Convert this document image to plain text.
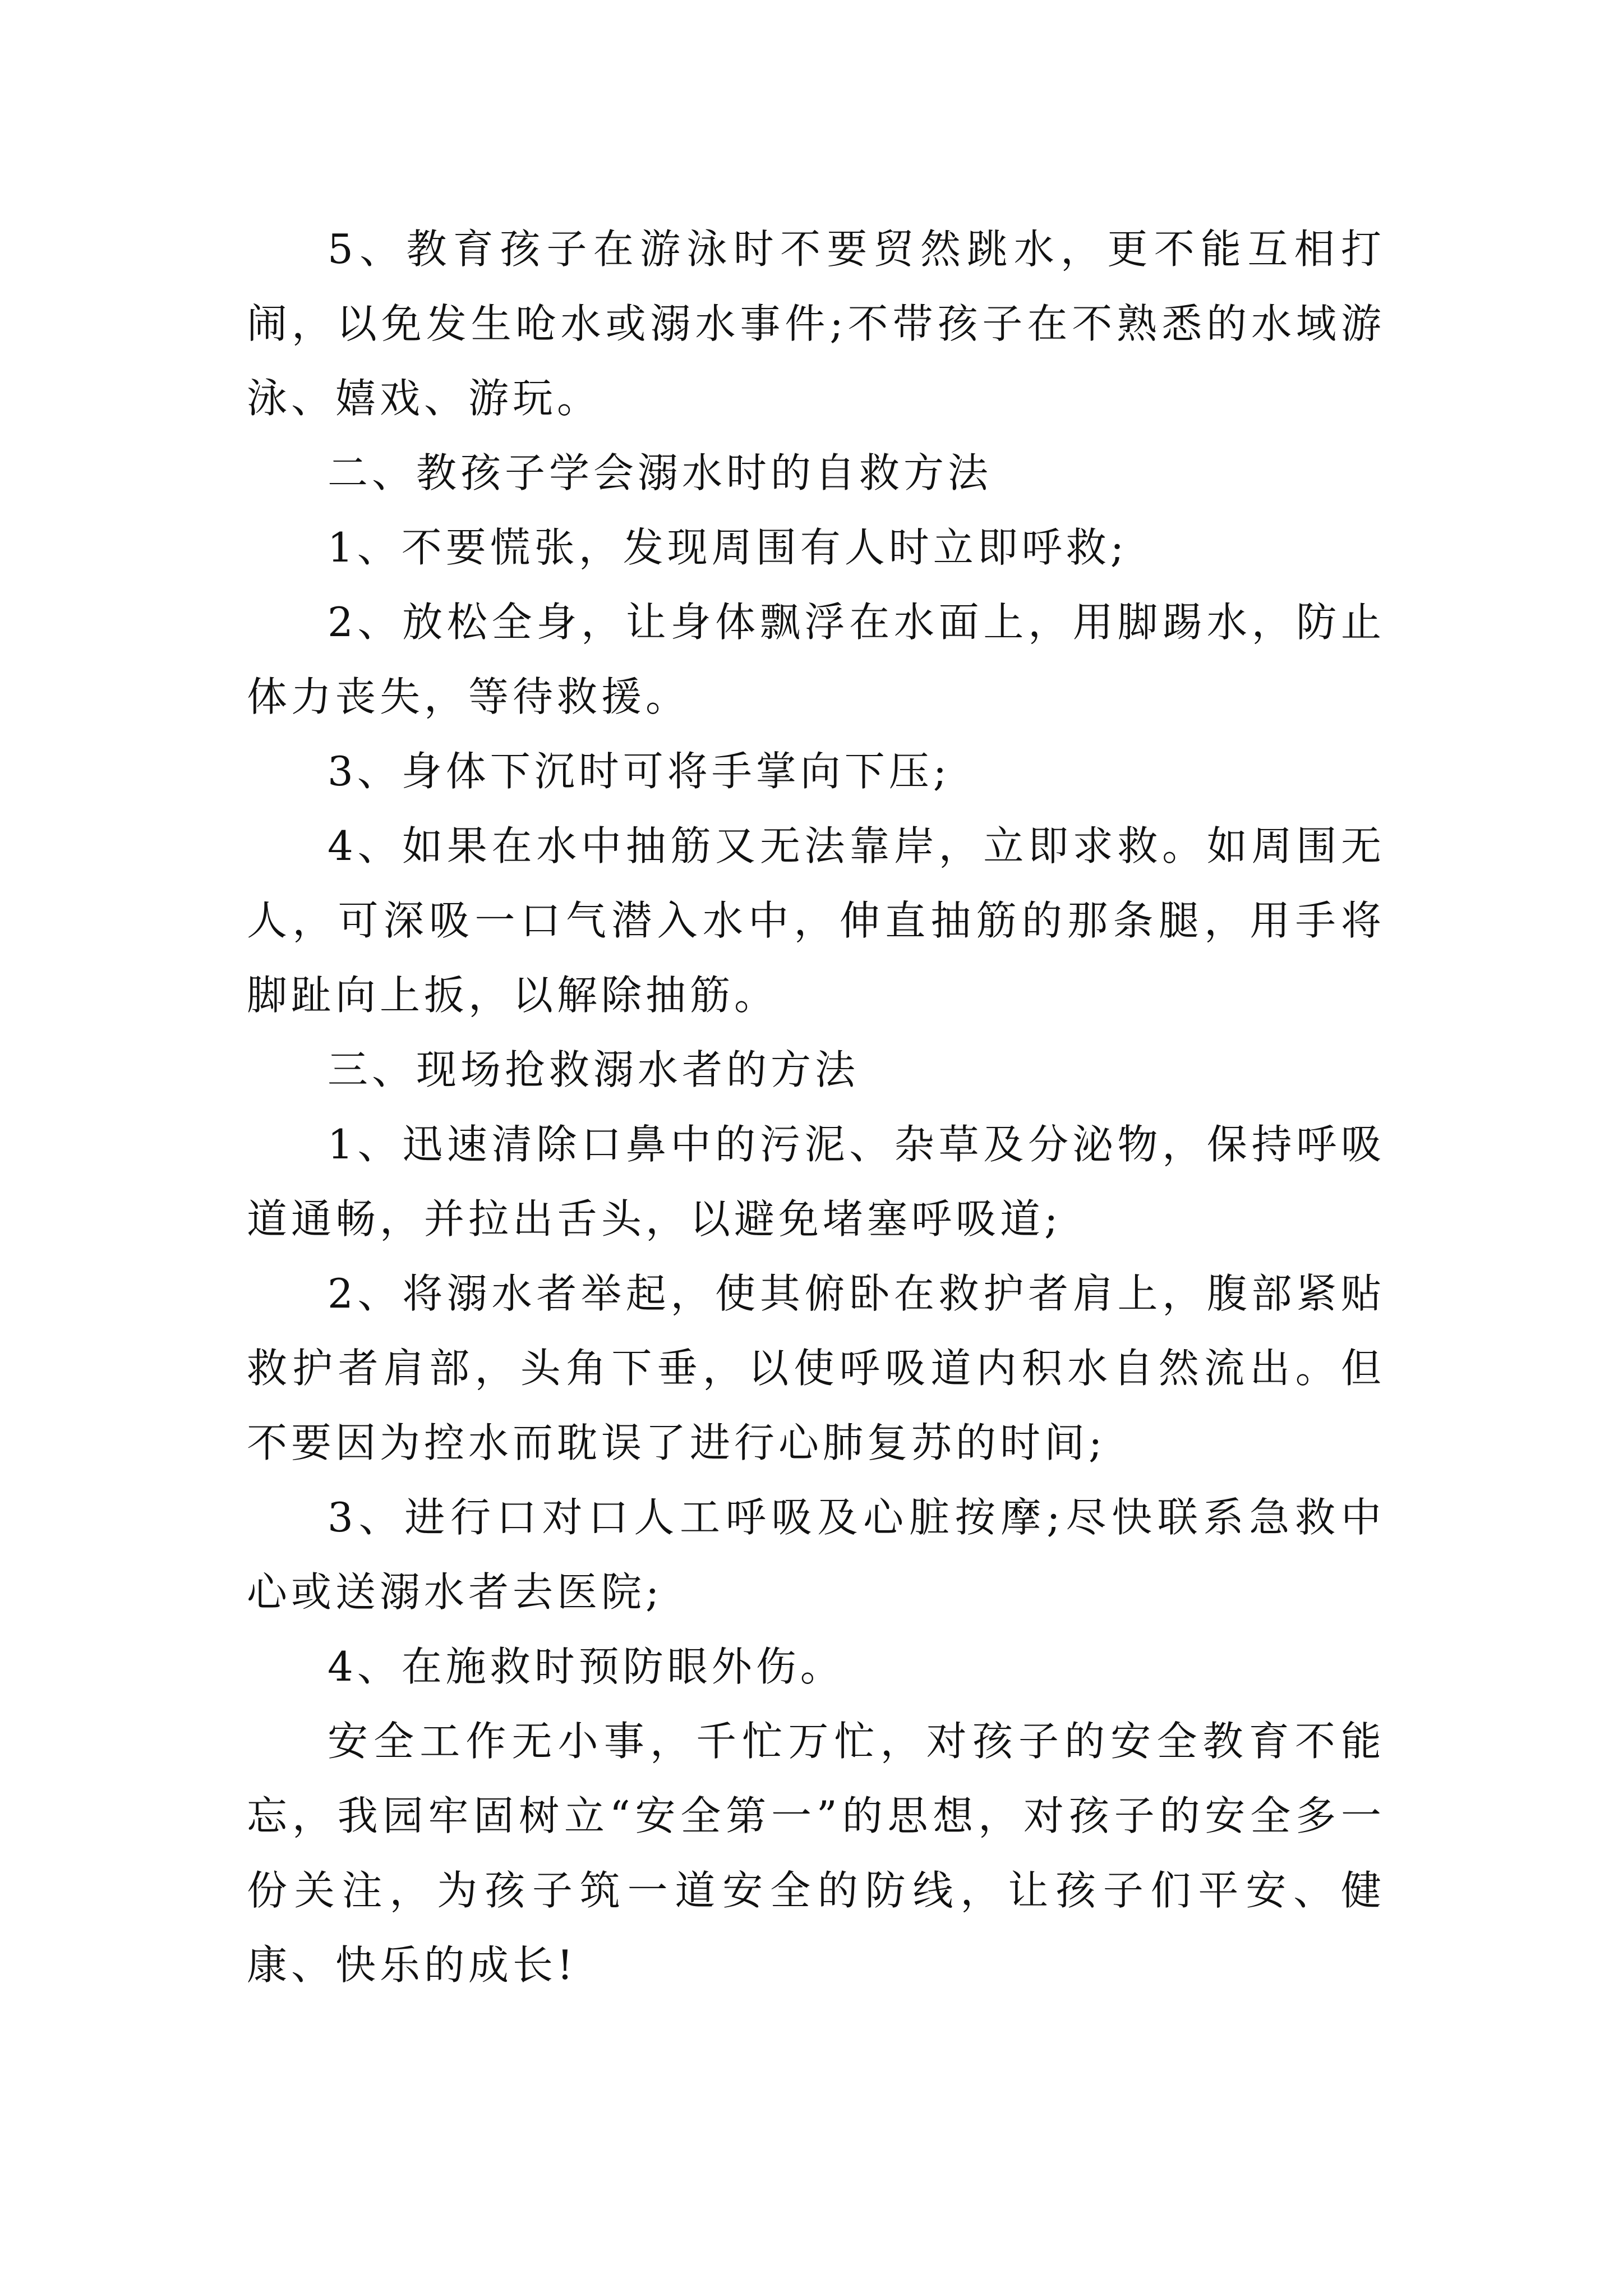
5、教育孩子在游泳时不要贸然跳水，更不能互相打闹，以免发生呛水或溺水事件;不带孩子在不熟悉的水域游泳、嬉戏、游玩。

二、教孩子学会溺水时的自救方法

1、不要慌张，发现周围有人时立即呼救;

2、放松全身，让身体飘浮在水面上，用脚踢水，防止体力丧失，等待救援。

3、身体下沉时可将手掌向下压;

4、如果在水中抽筋又无法靠岸，立即求救。如周围无人，可深吸一口气潜入水中，伸直抽筋的那条腿，用手将脚趾向上扳，以解除抽筋。

三、现场抢救溺水者的方法

1、迅速清除口鼻中的污泥、杂草及分泌物，保持呼吸道通畅，并拉出舌头，以避免堵塞呼吸道;

2、将溺水者举起，使其俯卧在救护者肩上，腹部紧贴救护者肩部，头角下垂，以使呼吸道内积水自然流出。但不要因为控水而耽误了进行心肺复苏的时间;

3、进行口对口人工呼吸及心脏按摩;尽快联系急救中心或送溺水者去医院;

4、在施救时预防眼外伤。

安全工作无小事，千忙万忙，对孩子的安全教育不能忘，我园牢固树立“安全第一”的思想，对孩子的安全多一份关注，为孩子筑一道安全的防线，让孩子们平安、健康、快乐的成长!
